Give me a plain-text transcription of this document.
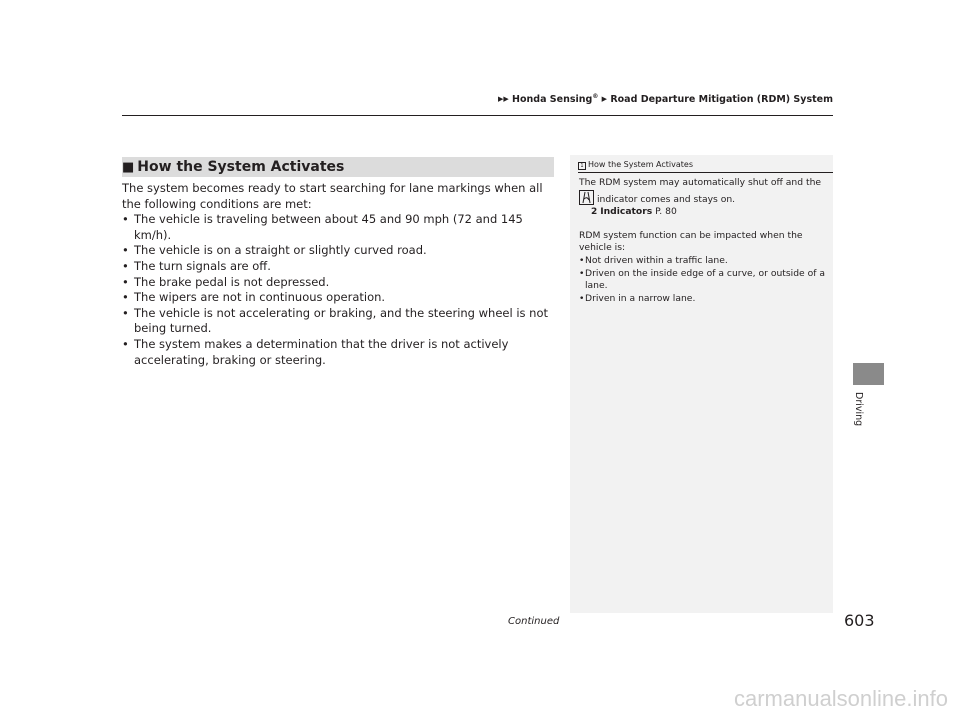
▶▶ Honda Sensing® ▶ Road Departure Mitigation (RDM) System
■ How the System Activates

The system becomes ready to start searching for lane markings when all the following conditions are met:

• The vehicle is traveling between about 45 and 90 mph (72 and 145 km/h).
• The vehicle is on a straight or slightly curved road.
• The turn signals are off.
• The brake pedal is not depressed.
• The wipers are not in continuous operation.
• The vehicle is not accelerating or braking, and the steering wheel is not being turned.
• The system makes a determination that the driver is not actively accelerating, braking or steering.
1 How the System Activates

The RDM system may automatically shut off and the

indicator comes and stays on.

2 Indicators P. 80

RDM system function can be impacted when the vehicle is:

• Not driven within a traffic lane.
• Driven on the inside edge of a curve, or outside of a lane.
• Driven in a narrow lane.
Driving
Continued	603
carmanualsonline.info
